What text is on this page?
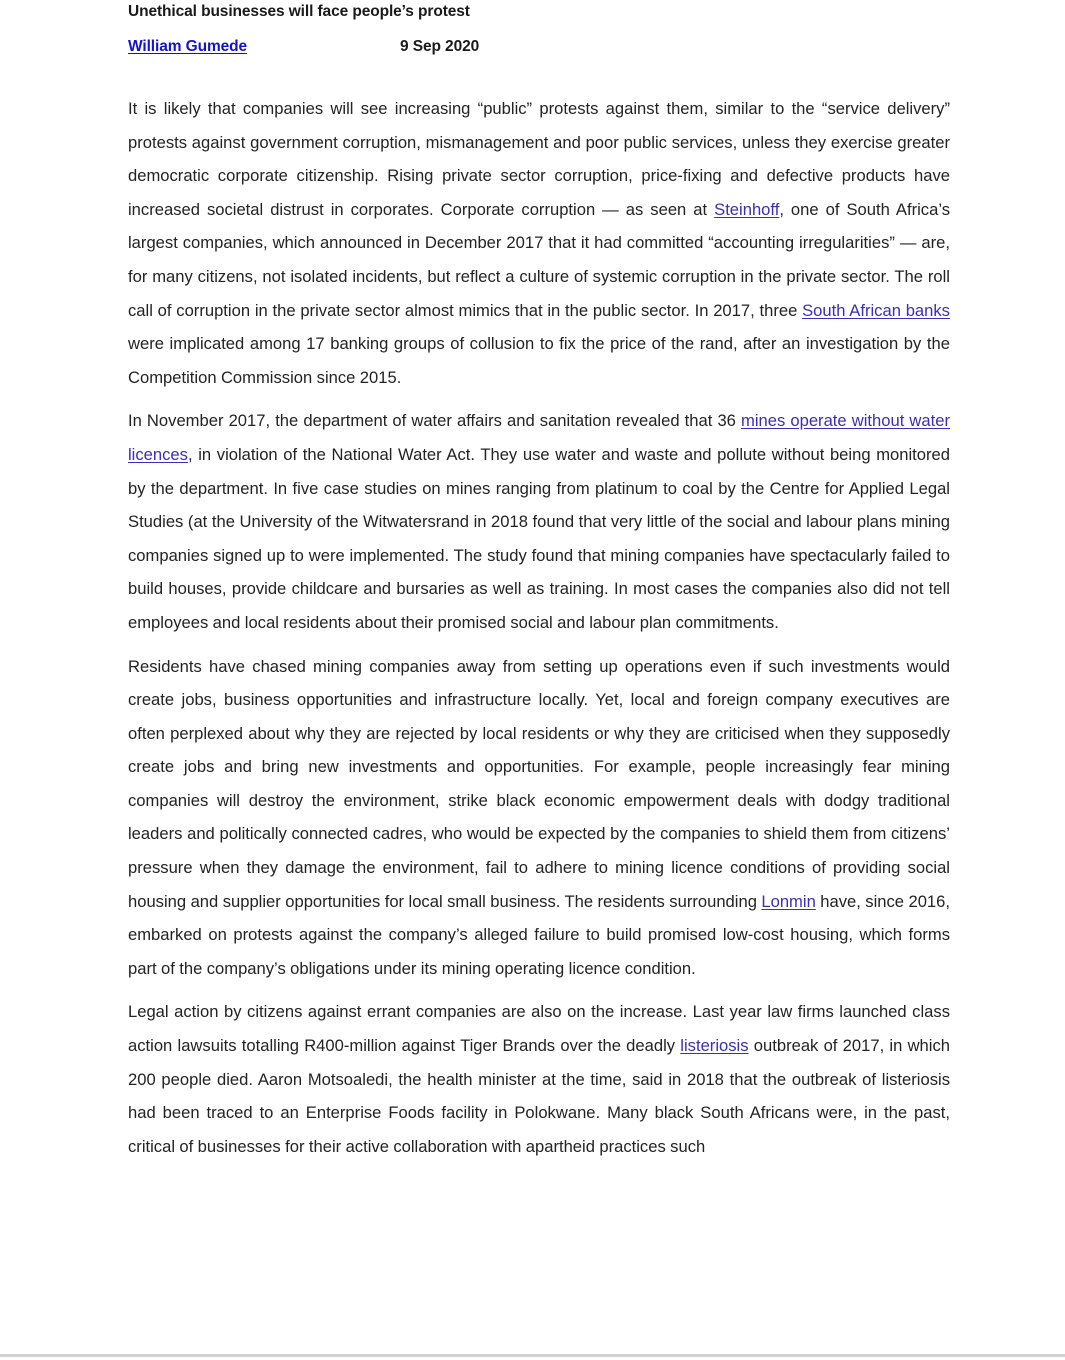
Unethical businesses will face people’s protest
William Gumede	9 Sep 2020

It is likely that companies will see increasing “public” protests against them, similar to the “service delivery” protests against government corruption, mismanagement and poor public services, unless they exercise greater democratic corporate citizenship. Rising private sector corruption, price-fixing and defective products have increased societal distrust in corporates. Corporate corruption — as seen at Steinhoff, one of South Africa’s largest companies, which announced in December 2017 that it had committed “accounting irregularities” — are, for many citizens, not isolated incidents, but reflect a culture of systemic corruption in the private sector. The roll call of corruption in the private sector almost mimics that in the public sector. In 2017, three South African banks were implicated among 17 banking groups of collusion to fix the price of the rand, after an investigation by the Competition Commission since 2015.

In November 2017, the department of water affairs and sanitation revealed that 36 mines operate without water licences, in violation of the National Water Act. They use water and waste and pollute without being monitored by the department. In five case studies on mines ranging from platinum to coal by the Centre for Applied Legal Studies (at the University of the Witwatersrand in 2018 found that very little of the social and labour plans mining companies signed up to were implemented. The study found that mining companies have spectacularly failed to build houses, provide childcare and bursaries as well as training. In most cases the companies also did not tell employees and local residents about their promised social and labour plan commitments.

Residents have chased mining companies away from setting up operations even if such investments would create jobs, business opportunities and infrastructure locally. Yet, local and foreign company executives are often perplexed about why they are rejected by local residents or why they are criticised when they supposedly create jobs and bring new investments and opportunities. For example, people increasingly fear mining companies will destroy the environment, strike black economic empowerment deals with dodgy traditional leaders and politically connected cadres, who would be expected by the companies to shield them from citizens’ pressure when they damage the environment, fail to adhere to mining licence conditions of providing social housing and supplier opportunities for local small business. The residents surrounding Lonmin have, since 2016, embarked on protests against the company’s alleged failure to build promised low-cost housing, which forms part of the company’s obligations under its mining operating licence condition.

Legal action by citizens against errant companies are also on the increase. Last year law firms launched class action lawsuits totalling R400-million against Tiger Brands over the deadly listeriosis outbreak of 2017, in which 200 people died. Aaron Motsoaledi, the health minister at the time, said in 2018 that the outbreak of listeriosis had been traced to an Enterprise Foods facility in Polokwane. Many black South Africans were, in the past, critical of businesses for their active collaboration with apartheid practices such
